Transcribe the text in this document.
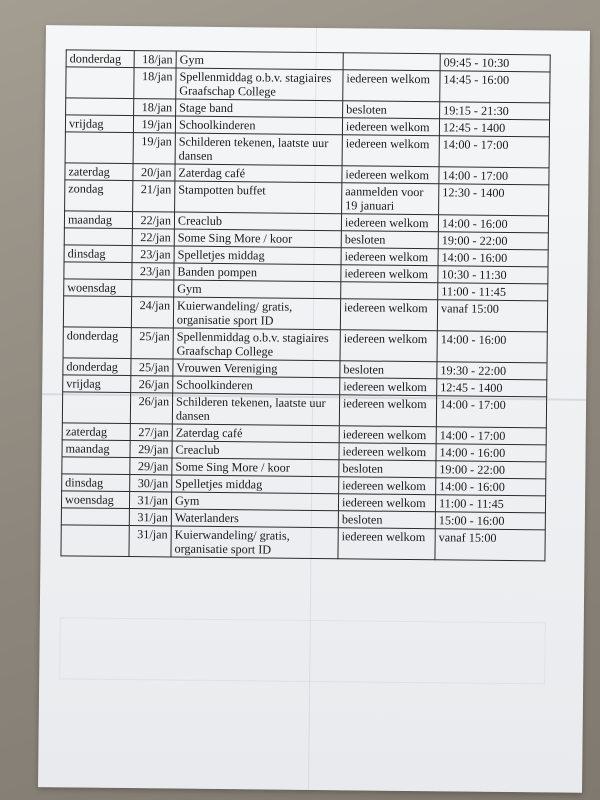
donderdag	18/jan	Gym		09:45 - 10:30
	18/jan	Spellenmiddag o.b.v. stagiaires Graafschap College	iedereen welkom	14:45 - 16:00
	18/jan	Stage band	besloten	19:15 - 21:30
vrijdag	19/jan	Schoolkinderen	iedereen welkom	12:45 - 1400
	19/jan	Schilderen tekenen, laatste uur dansen	iedereen welkom	14:00 - 17:00
zaterdag	20/jan	Zaterdag café	iedereen welkom	14:00 - 17:00
zondag	21/jan	Stampotten buffet	aanmelden voor 19 januari	12:30 - 1400
maandag	22/jan	Creaclub	iedereen welkom	14:00 - 16:00
	22/jan	Some Sing More / koor	besloten	19:00 - 22:00
dinsdag	23/jan	Spelletjes middag	iedereen welkom	14:00 - 16:00
	23/jan	Banden pompen	iedereen welkom	10:30 - 11:30
woensdag		Gym		11:00 - 11:45
	24/jan	Kuierwandeling/ gratis, organisatie sport ID	iedereen welkom	vanaf 15:00
donderdag	25/jan	Spellenmiddag o.b.v. stagiaires Graafschap College	iedereen welkom	14:00 - 16:00
donderdag	25/jan	Vrouwen Vereniging	besloten	19:30 - 22:00
vrijdag	26/jan	Schoolkinderen	iedereen welkom	12:45 - 1400
	26/jan	Schilderen tekenen, laatste uur dansen	iedereen welkom	14:00 - 17:00
zaterdag	27/jan	Zaterdag café	iedereen welkom	14:00 - 17:00
maandag	29/jan	Creaclub	iedereen welkom	14:00 - 16:00
	29/jan	Some Sing More / koor	besloten	19:00 - 22:00
dinsdag	30/jan	Spelletjes middag	iedereen welkom	14:00 - 16:00
woensdag	31/jan	Gym	iedereen welkom	11:00 - 11:45
	31/jan	Waterlanders	besloten	15:00 - 16:00
	31/jan	Kuierwandeling/ gratis, organisatie sport ID	iedereen welkom	vanaf 15:00
